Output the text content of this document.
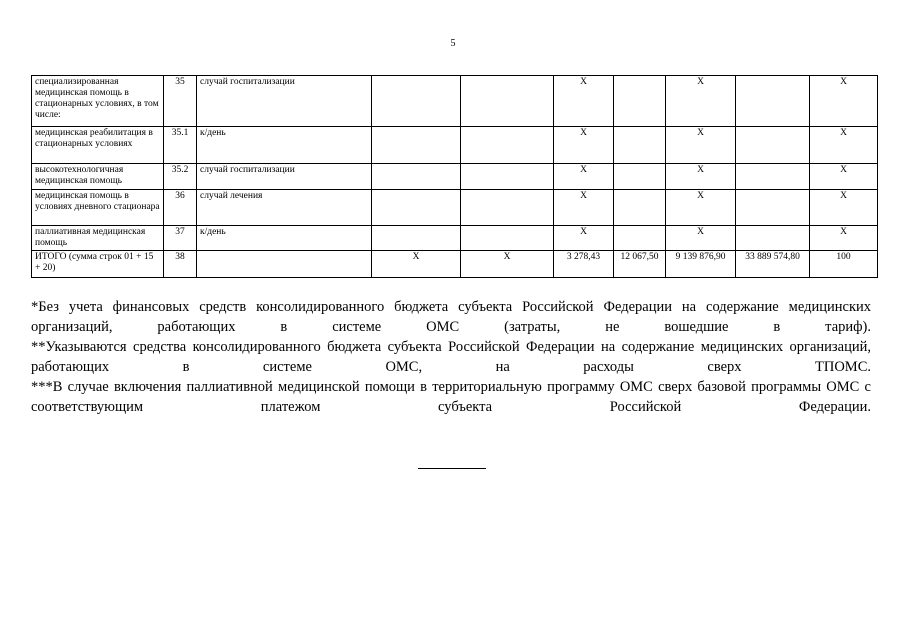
5
специализированная медицинская помощь в стационарных условиях, в том числе:	35	случай госпитализации			X		X		X
медицинская реабилитация в стационарных условиях	35.1	к/день			X		X		X
высокотехнологичная медицинская помощь	35.2	случай госпитализации			X		X		X
медицинская помощь в условиях дневного стационара	36	случай лечения			X		X		X
паллиативная медицинская помощь	37	к/день			X		X		X
ИТОГО (сумма строк 01 + 15 + 20)	38		X	X	3 278,43	12 067,50	9 139 876,90	33 889 574,80	100

*Без учета финансовых средств консолидированного бюджета субъекта Российской Федерации на содержание медицинских организаций, работающих в системе ОМС (затраты, не вошедшие в тариф).

**Указываются средства консолидированного бюджета субъекта Российской Федерации на содержание медицинских организаций, работающих в системе ОМС, на расходы сверх ТПОМС.

***В случае включения паллиативной медицинской помощи в территориальную программу ОМС сверх базовой программы ОМС с соответствующим платежом субъекта Российской Федерации.
